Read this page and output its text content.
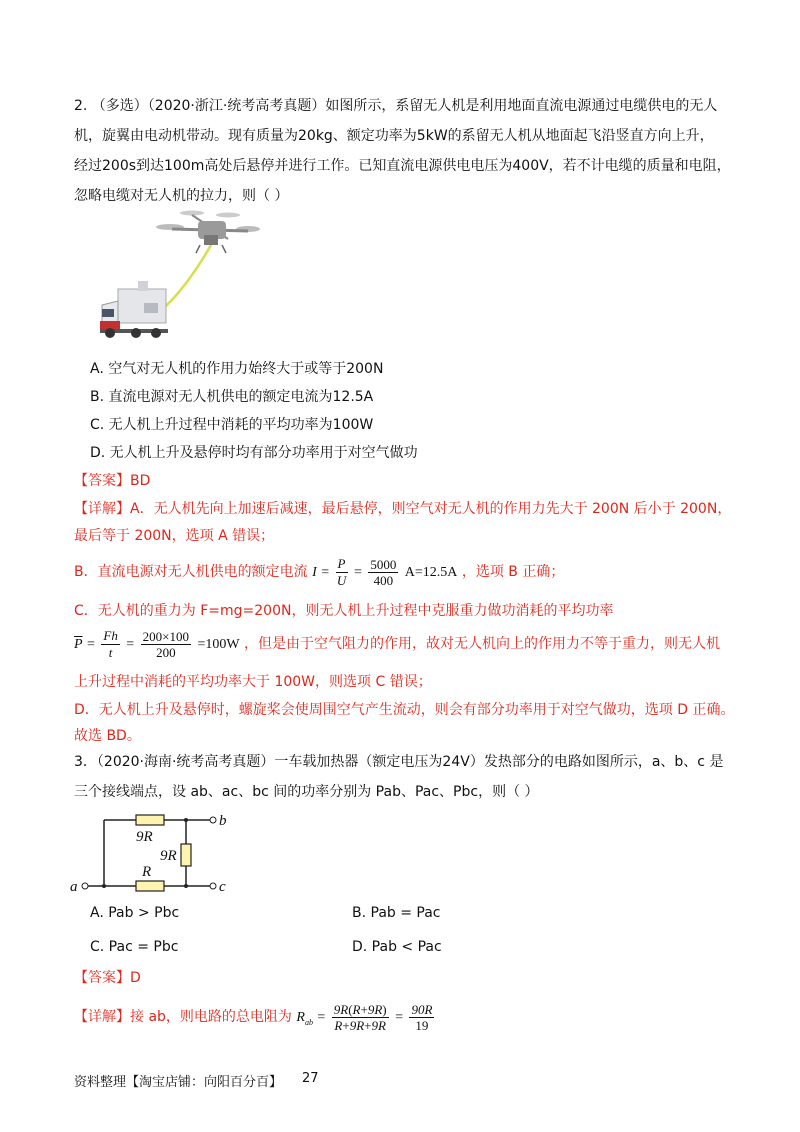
2. （多选）（2020·浙江·统考高考真题）如图所示，系留无人机是利用地面直流电源通过电缆供电的无人
机，旋翼由电动机带动。现有质量为20kg、额定功率为5kW的系留无人机从地面起飞沿竖直方向上升，
经过200s到达100m高处后悬停并进行工作。已知直流电源供电电压为400V，若不计电缆的质量和电阻，
忽略电缆对无人机的拉力，则（ ）
A. 空气对无人机的作用力始终大于或等于200N
B. 直流电源对无人机供电的额定电流为12.5A
C. 无人机上升过程中消耗的平均功率为100W
D. 无人机上升及悬停时均有部分功率用于对空气做功
【答案】BD
【详解】A．无人机先向上加速后减速，最后悬停，则空气对无人机的作用力先大于 200N 后小于 200N，
最后等于 200N，选项 A 错误；
B．直流电源对无人机供电的额定电流 $I = \frac{P}{U} = \frac{5000}{400} A=12.5A$ ，选项 B 正确；
C．无人机的重力为 F=mg=200N，则无人机上升过程中克服重力做功消耗的平均功率
$\overline{P} = \frac{Fh}{t} = \frac{200\times 100}{200} =100W$ ，但是由于空气阻力的作用，故对无人机向上的作用力不等于重力，则无人机
上升过程中消耗的平均功率大于 100W，则选项 C 错误；
D．无人机上升及悬停时，螺旋桨会使周围空气产生流动，则会有部分功率用于对空气做功，选项 D 正确。
故选 BD。
3．（2020·海南·统考高考真题）一车载加热器（额定电压为24V）发热部分的电路如图所示，a、b、c 是
三个接线端点，设 ab、ac、bc 间的功率分别为 Pab、Pac、Pbc，则（ ）
9R
9R
R
a
b
c
A. Pab > Pbc	B. Pab = Pac
C. Pac = Pbc	D. Pab < Pac
【答案】D
【详解】接 ab，则电路的总电阻为 $R_{ab} = \frac{9R(R+9R)}{R+9R+9R} = \frac{90R}{19}$
资料整理【淘宝店铺：向阳百分百】 27
